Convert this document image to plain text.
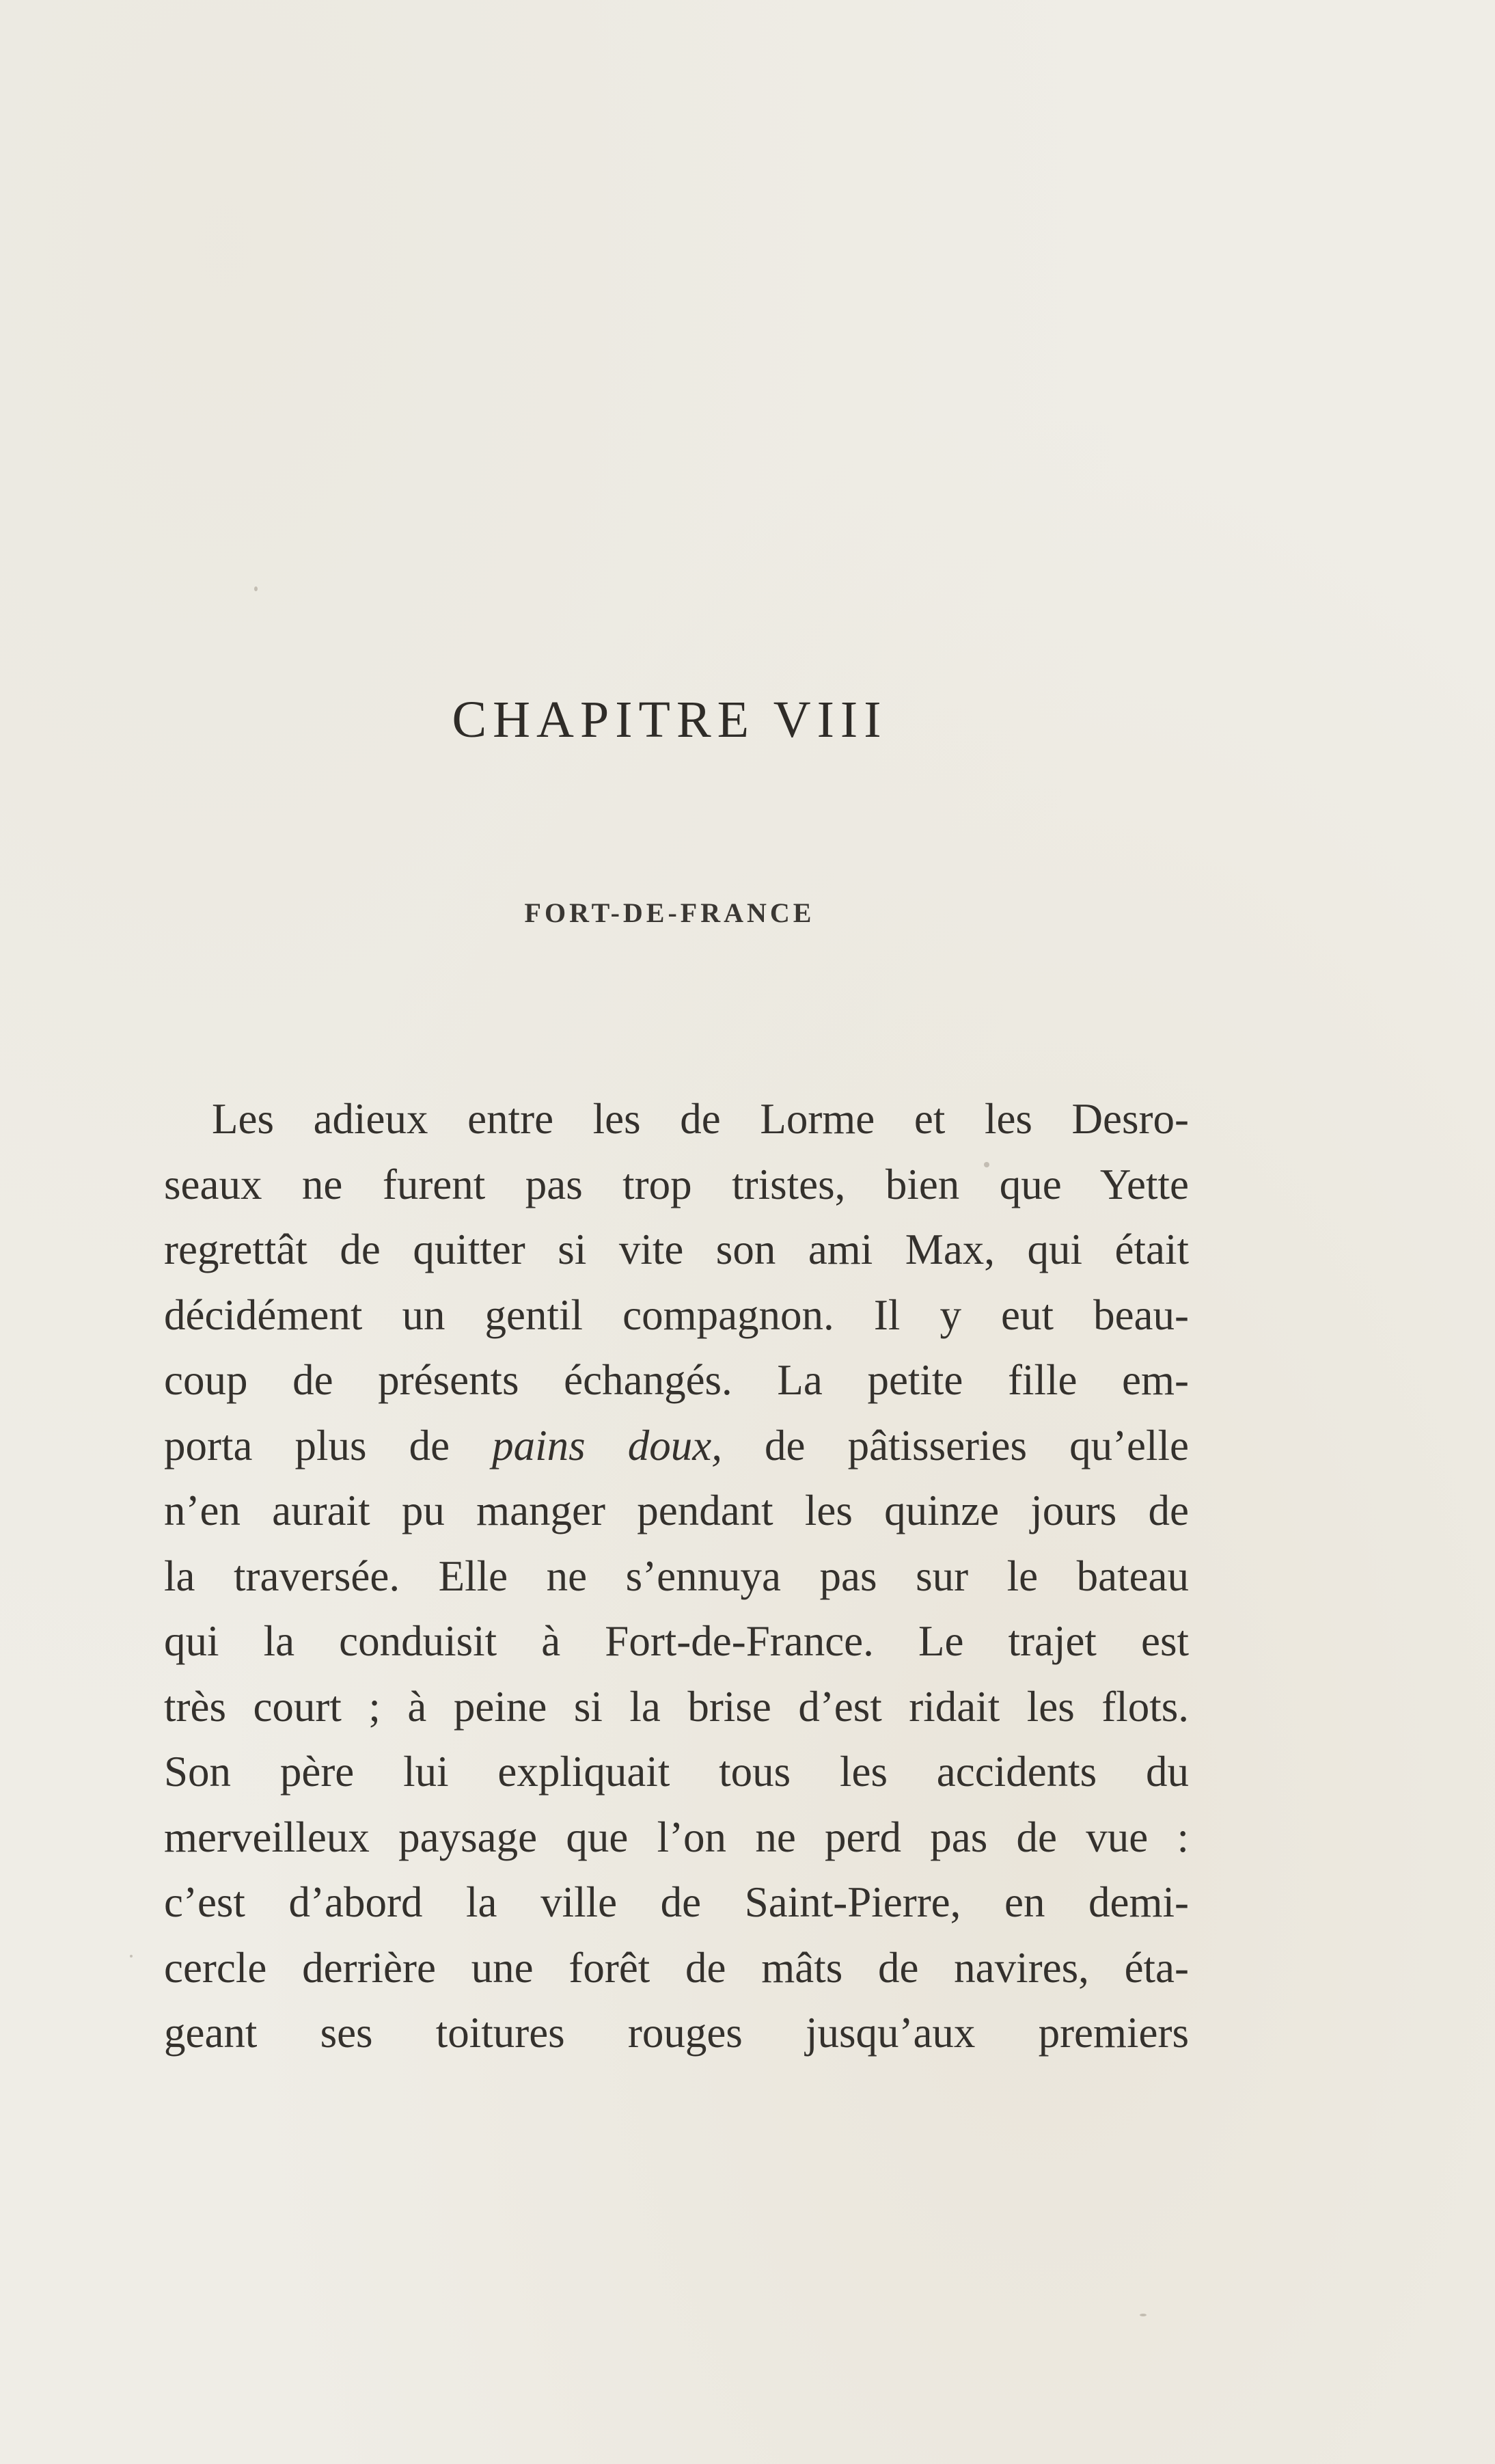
CHAPITRE VIII
FORT-DE-FRANCE
Les adieux entre les de Lorme et les Desro-
seaux ne furent pas trop tristes, bien que Yette
regrettât de quitter si vite son ami Max, qui était
décidément un gentil compagnon. Il y eut beau-
coup de présents échangés. La petite fille em-
porta plus de pains doux, de pâtisseries qu’elle
n’en aurait pu manger pendant les quinze jours de
la traversée. Elle ne s’ennuya pas sur le bateau
qui la conduisit à Fort-de-France. Le trajet est
très court ; à peine si la brise d’est ridait les flots.
Son père lui expliquait tous les accidents du
merveilleux paysage que l’on ne perd pas de vue :
c’est d’abord la ville de Saint-Pierre, en demi-
cercle derrière une forêt de mâts de navires, éta-
geant ses toitures rouges jusqu’aux premiers
